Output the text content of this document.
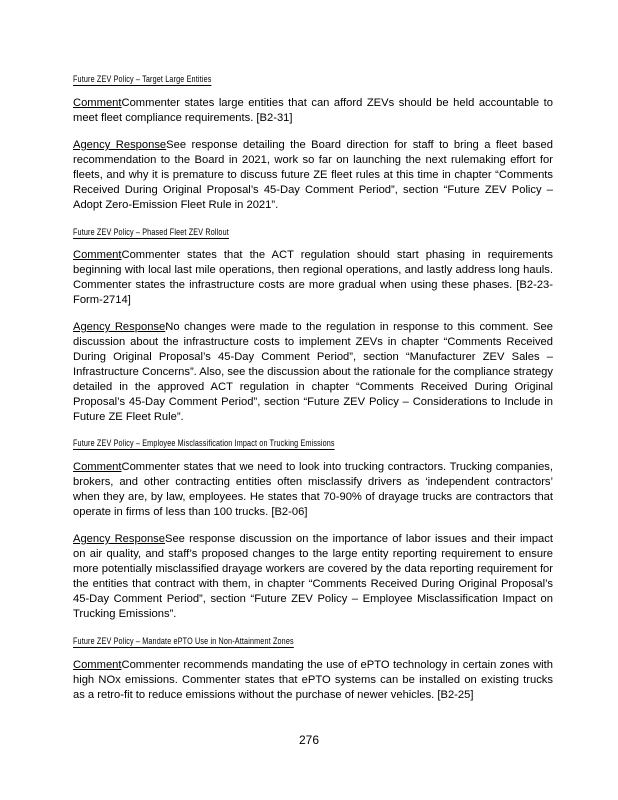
Future ZEV Policy – Target Large Entities
CommentCommenter states large entities that can afford ZEVs should be held accountable to meet fleet compliance requirements. [B2-31]
Agency ResponseSee response detailing the Board direction for staff to bring a fleet based recommendation to the Board in 2021, work so far on launching the next rulemaking effort for fleets, and why it is premature to discuss future ZE fleet rules at this time in chapter “Comments Received During Original Proposal’s 45-Day Comment Period”, section “Future ZEV Policy – Adopt Zero-Emission Fleet Rule in 2021”.
Future ZEV Policy – Phased Fleet ZEV Rollout
CommentCommenter states that the ACT regulation should start phasing in requirements beginning with local last mile operations, then regional operations, and lastly address long hauls. Commenter states the infrastructure costs are more gradual when using these phases. [B2-23-Form-2714]
Agency ResponseNo changes were made to the regulation in response to this comment. See discussion about the infrastructure costs to implement ZEVs in chapter “Comments Received During Original Proposal’s 45-Day Comment Period”, section “Manufacturer ZEV Sales – Infrastructure Concerns”. Also, see the discussion about the rationale for the compliance strategy detailed in the approved ACT regulation in chapter “Comments Received During Original Proposal’s 45-Day Comment Period”, section “Future ZEV Policy – Considerations to Include in Future ZE Fleet Rule”.
Future ZEV Policy – Employee Misclassification Impact on Trucking Emissions
CommentCommenter states that we need to look into trucking contractors. Trucking companies, brokers, and other contracting entities often misclassify drivers as ‘independent contractors’ when they are, by law, employees. He states that 70-90% of drayage trucks are contractors that operate in firms of less than 100 trucks. [B2-06]
Agency ResponseSee response discussion on the importance of labor issues and their impact on air quality, and staff’s proposed changes to the large entity reporting requirement to ensure more potentially misclassified drayage workers are covered by the data reporting requirement for the entities that contract with them, in chapter “Comments Received During Original Proposal’s 45-Day Comment Period”, section “Future ZEV Policy – Employee Misclassification Impact on Trucking Emissions”.
Future ZEV Policy – Mandate ePTO Use in Non-Attainment Zones
CommentCommenter recommends mandating the use of ePTO technology in certain zones with high NOx emissions. Commenter states that ePTO systems can be installed on existing trucks as a retro-fit to reduce emissions without the purchase of newer vehicles. [B2-25]
276
